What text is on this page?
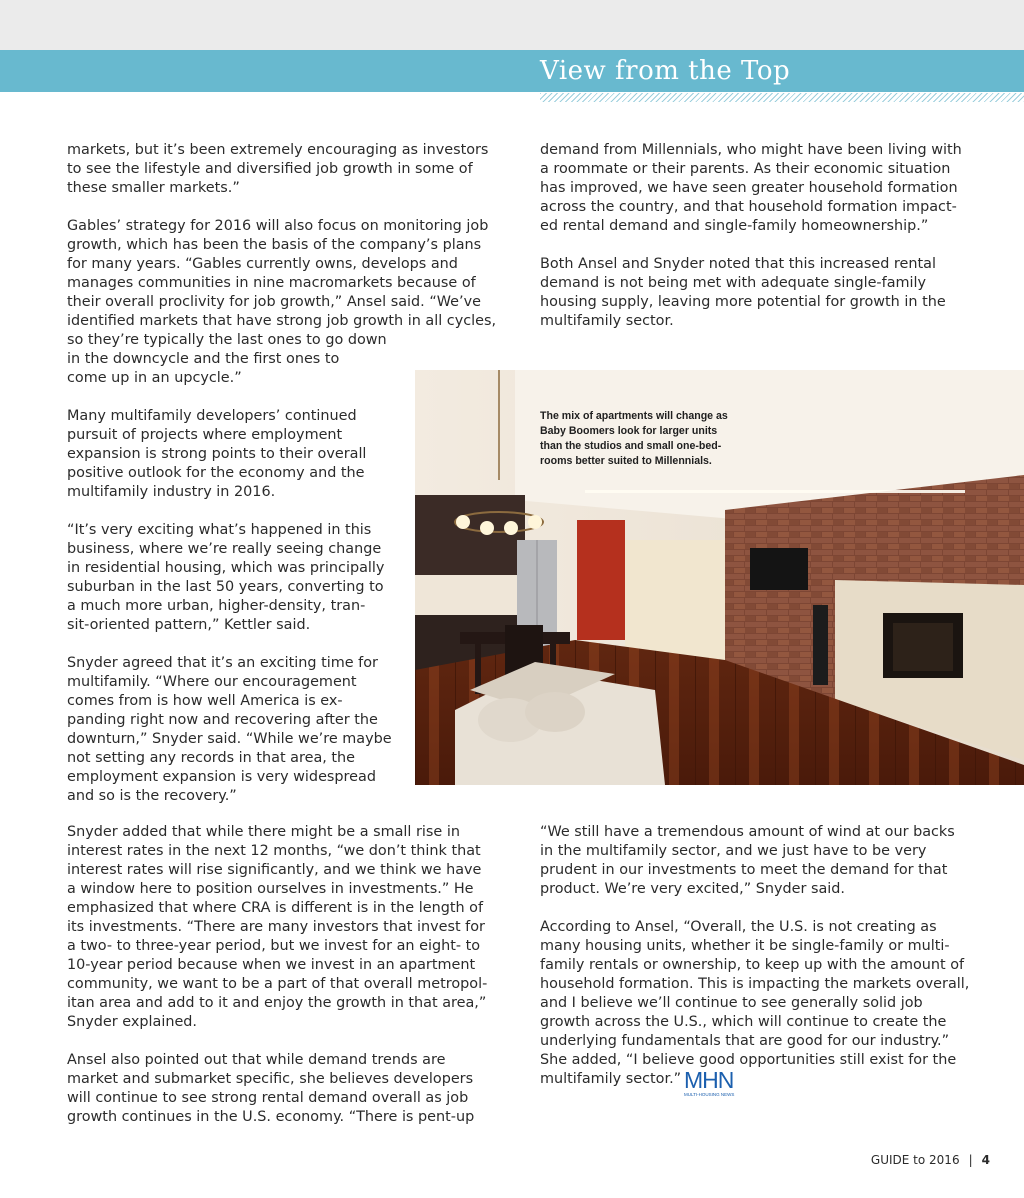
View from the Top

markets, but it’s been extremely encouraging as investors
to see the lifestyle and diversified job growth in some of
these smaller markets.”

Gables’ strategy for 2016 will also focus on monitoring job
growth, which has been the basis of the company’s plans
for many years. “Gables currently owns, develops and
manages communities in nine macromarkets because of
their overall proclivity for job growth,” Ansel said. “We’ve
identified markets that have strong job growth in all cycles,
so they’re typically the last ones to go down
in the downcycle and the first ones to
come up in an upcycle.”

Many multifamily developers’ continued
pursuit of projects where employment
expansion is strong points to their overall
positive outlook for the economy and the
multifamily industry in 2016.

“It’s very exciting what’s happened in this
business, where we’re really seeing change
in residential housing, which was principally
suburban in the last 50 years, converting to
a much more urban, higher-density, tran-
sit-oriented pattern,” Kettler said.

Snyder agreed that it’s an exciting time for
multifamily. “Where our encouragement
comes from is how well America is ex-
panding right now and recovering after the
downturn,” Snyder said. “While we’re maybe
not setting any records in that area, the
employment expansion is very widespread
and so is the recovery.”

demand from Millennials, who might have been living with
a roommate or their parents. As their economic situation
has improved, we have seen greater household formation
across the country, and that household formation impact-
ed rental demand and single-family homeownership.”

Both Ansel and Snyder noted that this increased rental
demand is not being met with adequate single-family
housing supply, leaving more potential for growth in the
multifamily sector.

The mix of apartments will change as
Baby Boomers look for larger units
than the studios and small one-bed-
rooms better suited to Millennials.

Snyder added that while there might be a small rise in
interest rates in the next 12 months, “we don’t think that
interest rates will rise significantly, and we think we have
a window here to position ourselves in investments.” He
emphasized that where CRA is different is in the length of
its investments. “There are many investors that invest for
a two- to three-year period, but we invest for an eight- to
10-year period because when we invest in an apartment
community, we want to be a part of that overall metropol-
itan area and add to it and enjoy the growth in that area,”
Snyder explained.

Ansel also pointed out that while demand trends are
market and submarket specific, she believes developers
will continue to see strong rental demand overall as job
growth continues in the U.S. economy. “There is pent-up

“We still have a tremendous amount of wind at our backs
in the multifamily sector, and we just have to be very
prudent in our investments to meet the demand for that
product. We’re very excited,” Snyder said.

According to Ansel, “Overall, the U.S. is not creating as
many housing units, whether it be single-family or multi-
family rentals or ownership, to keep up with the amount of
household formation. This is impacting the markets overall,
and I believe we’ll continue to see generally solid job
growth across the U.S., which will continue to create the
underlying fundamentals that are good for our industry.”
She added, “I believe good opportunities still exist for the
multifamily sector.” MHN
MULTI-HOUSING NEWS
GUIDE to 2016 | 4
